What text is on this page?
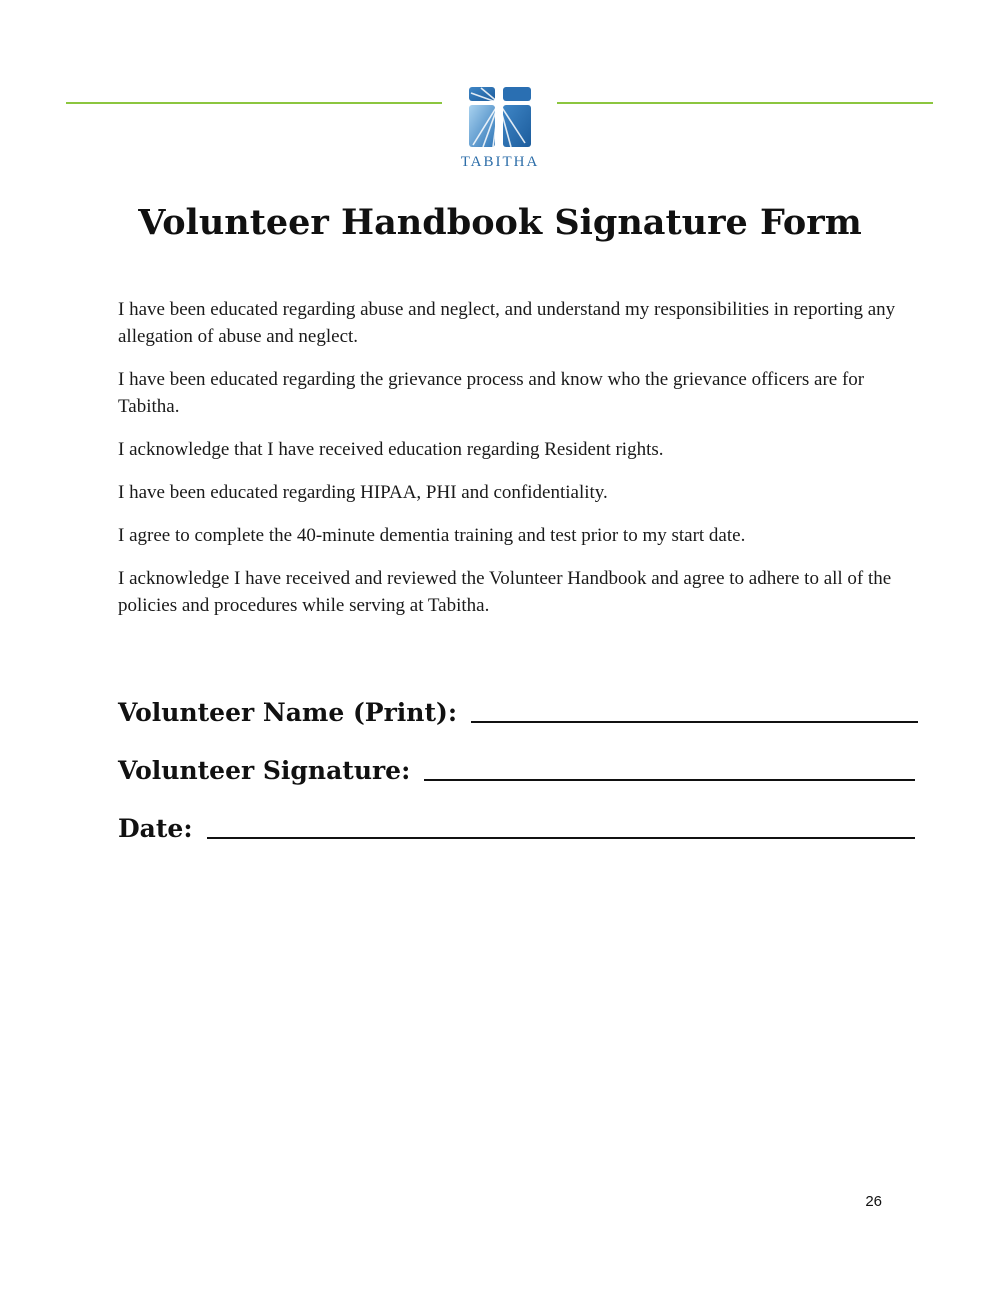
TABITHA
Volunteer Handbook Signature Form

I have been educated regarding abuse and neglect, and understand my responsibilities in reporting any allegation of abuse and neglect.

I have been educated regarding the grievance process and know who the grievance officers are for Tabitha.

I acknowledge that I have received education regarding Resident rights.

I have been educated regarding HIPAA, PHI and confidentiality.

I agree to complete the 40-minute dementia training and test prior to my start date.

I acknowledge I have received and reviewed the Volunteer Handbook and agree to adhere to all of the policies and procedures while serving at Tabitha.

Volunteer Name (Print):
Volunteer Signature:
Date:
26
